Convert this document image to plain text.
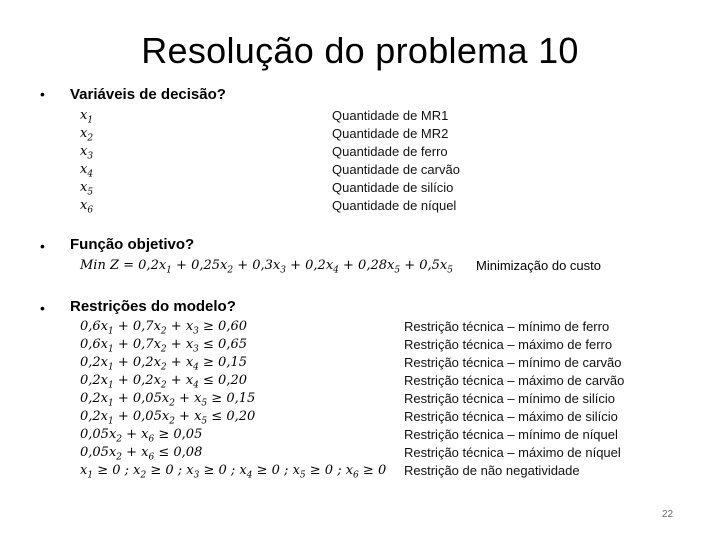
Resolução do problema 10
• Variáveis de decisão?
$x_1$	Quantidade de MR1
$x_2$	Quantidade de MR2
$x_3$	Quantidade de ferro
$x_4$	Quantidade de carvão
$x_5$	Quantidade de silício
$x_6$	Quantidade de níquel
• Função objetivo?
Min $Z = 0,2x_1 + 0,25x_2 + 0,3x_3 + 0,2x_4 + 0,28x_5 + 0,5x_5$ Minimização do custo
• Restrições do modelo?
$0,6x_1 + 0,7x_2 + x_3 \ge 0,60$	Restrição técnica – mínimo de ferro
$0,6x_1 + 0,7x_2 + x_3 \le 0,65$	Restrição técnica – máximo de ferro
$0,2x_1 + 0,2x_2 + x_4 \ge 0,15$	Restrição técnica – mínimo de carvão
$0,2x_1 + 0,2x_2 + x_4 \le 0,20$	Restrição técnica – máximo de carvão
$0,2x_1 + 0,05x_2 + x_5 \ge 0,15$	Restrição técnica – mínimo de silício
$0,2x_1 + 0,05x_2 + x_5 \le 0,20$	Restrição técnica – máximo de silício
$0,05x_2 + x_6 \ge 0,05$	Restrição técnica – mínimo de níquel
$0,05x_2 + x_6 \le 0,08$	Restrição técnica – máximo de níquel
$x_1 \ge 0$ ; $x_2 \ge 0$ ; $x_3 \ge 0$ ; $x_4 \ge 0$ ; $x_5 \ge 0$ ; $x_6 \ge 0$ Restrição de não negatividade
22
